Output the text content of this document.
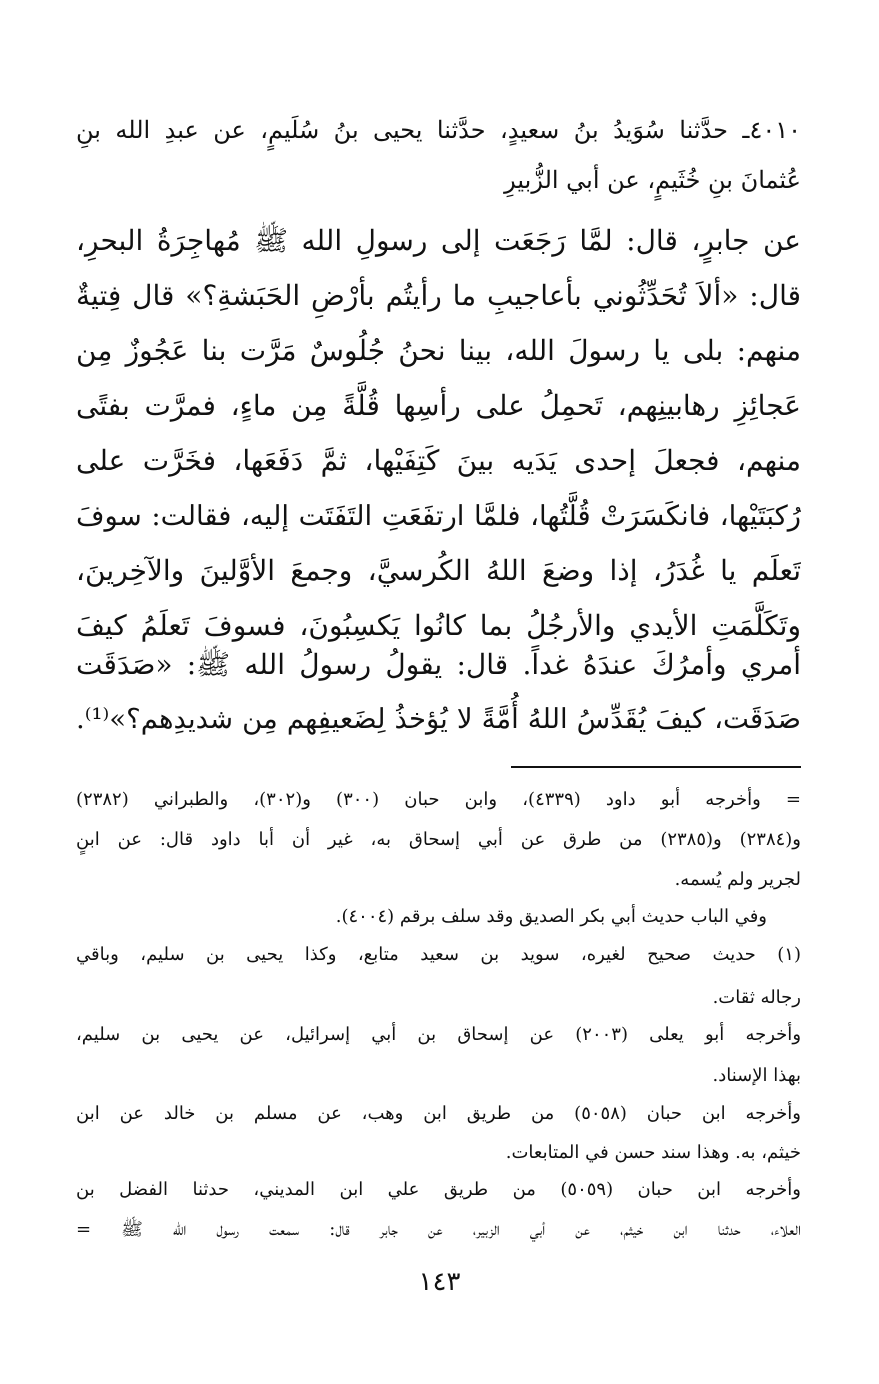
٤٠١٠ـ حدَّثنا سُوَيدُ بنُ سعيدٍ، حدَّثنا يحيى بنُ سُلَيمٍ، عن عبدِ الله بنِ
عُثمانَ بنِ خُثَيمٍ، عن أبي الزُّبيرِ
عن جابرٍ، قال: لمَّا رَجَعَت إلى رسولِ الله ﷺ مُهاجِرَةُ البحرِ،
قال: «ألاَ تُحَدِّثُوني بأعاجيبِ ما رأيتُم بأرْضِ الحَبَشةِ؟» قال فِتيةٌ
منهم: بلى يا رسولَ الله، بينا نحنُ جُلُوسٌ مَرَّت بنا عَجُوزٌ مِن
عَجائِزِ رهابينِهم، تَحمِلُ على رأسِها قُلَّةً مِن ماءٍ، فمرَّت بفتًى
منهم، فجعلَ إحدى يَدَيه بينَ كَتِفَيْها، ثمَّ دَفَعَها، فخَرَّت على
رُكبَتَيْها، فانكَسَرَتْ قُلَّتُها، فلمَّا ارتفَعَتِ التَفَتَت إليه، فقالت: سوفَ
تَعلَم يا غُدَرُ، إذا وضعَ اللهُ الكُرسيَّ، وجمعَ الأوَّلينَ والآخِرينَ،
وتَكَلَّمَتِ الأيدي والأرجُلُ بما كانُوا يَكسِبُونَ، فسوفَ تَعلَمُ كيفَ
أمري وأمرُكَ عندَهُ غداً. قال: يقولُ رسولُ الله ﷺ: «صَدَقَت
صَدَقَت، كيفَ يُقَدِّسُ اللهُ أُمَّةً لا يُؤخذُ لِضَعيفِهم مِن شديدِهم؟»⁽¹⁾.
= وأخرجه أبو داود (٤٣٣٩)، وابن حبان (٣٠٠) و(٣٠٢)، والطبراني (٢٣٨٢)
و(٢٣٨٤) و(٢٣٨٥) من طرق عن أبي إسحاق به، غير أن أبا داود قال: عن ابنٍ
لجرير ولم يُسمه.
وفي الباب حديث أبي بكر الصديق وقد سلف برقم (٤٠٠٤).
(١) حديث صحيح لغيره، سويد بن سعيد متابع، وكذا يحيى بن سليم، وباقي
رجاله ثقات.
وأخرجه أبو يعلى (٢٠٠٣) عن إسحاق بن أبي إسرائيل، عن يحيى بن سليم،
بهذا الإسناد.
وأخرجه ابن حبان (٥٠٥٨) من طريق ابن وهب، عن مسلم بن خالد عن ابن
خيثم، به. وهذا سند حسن في المتابعات.
وأخرجه ابن حبان (٥٠٥٩) من طريق علي ابن المديني، حدثنا الفضل بن
العلاء، حدثنا ابن خيثم، عن أبي الزبير، عن جابر قال: سمعت رسول الله ﷺ =
١٤٣
